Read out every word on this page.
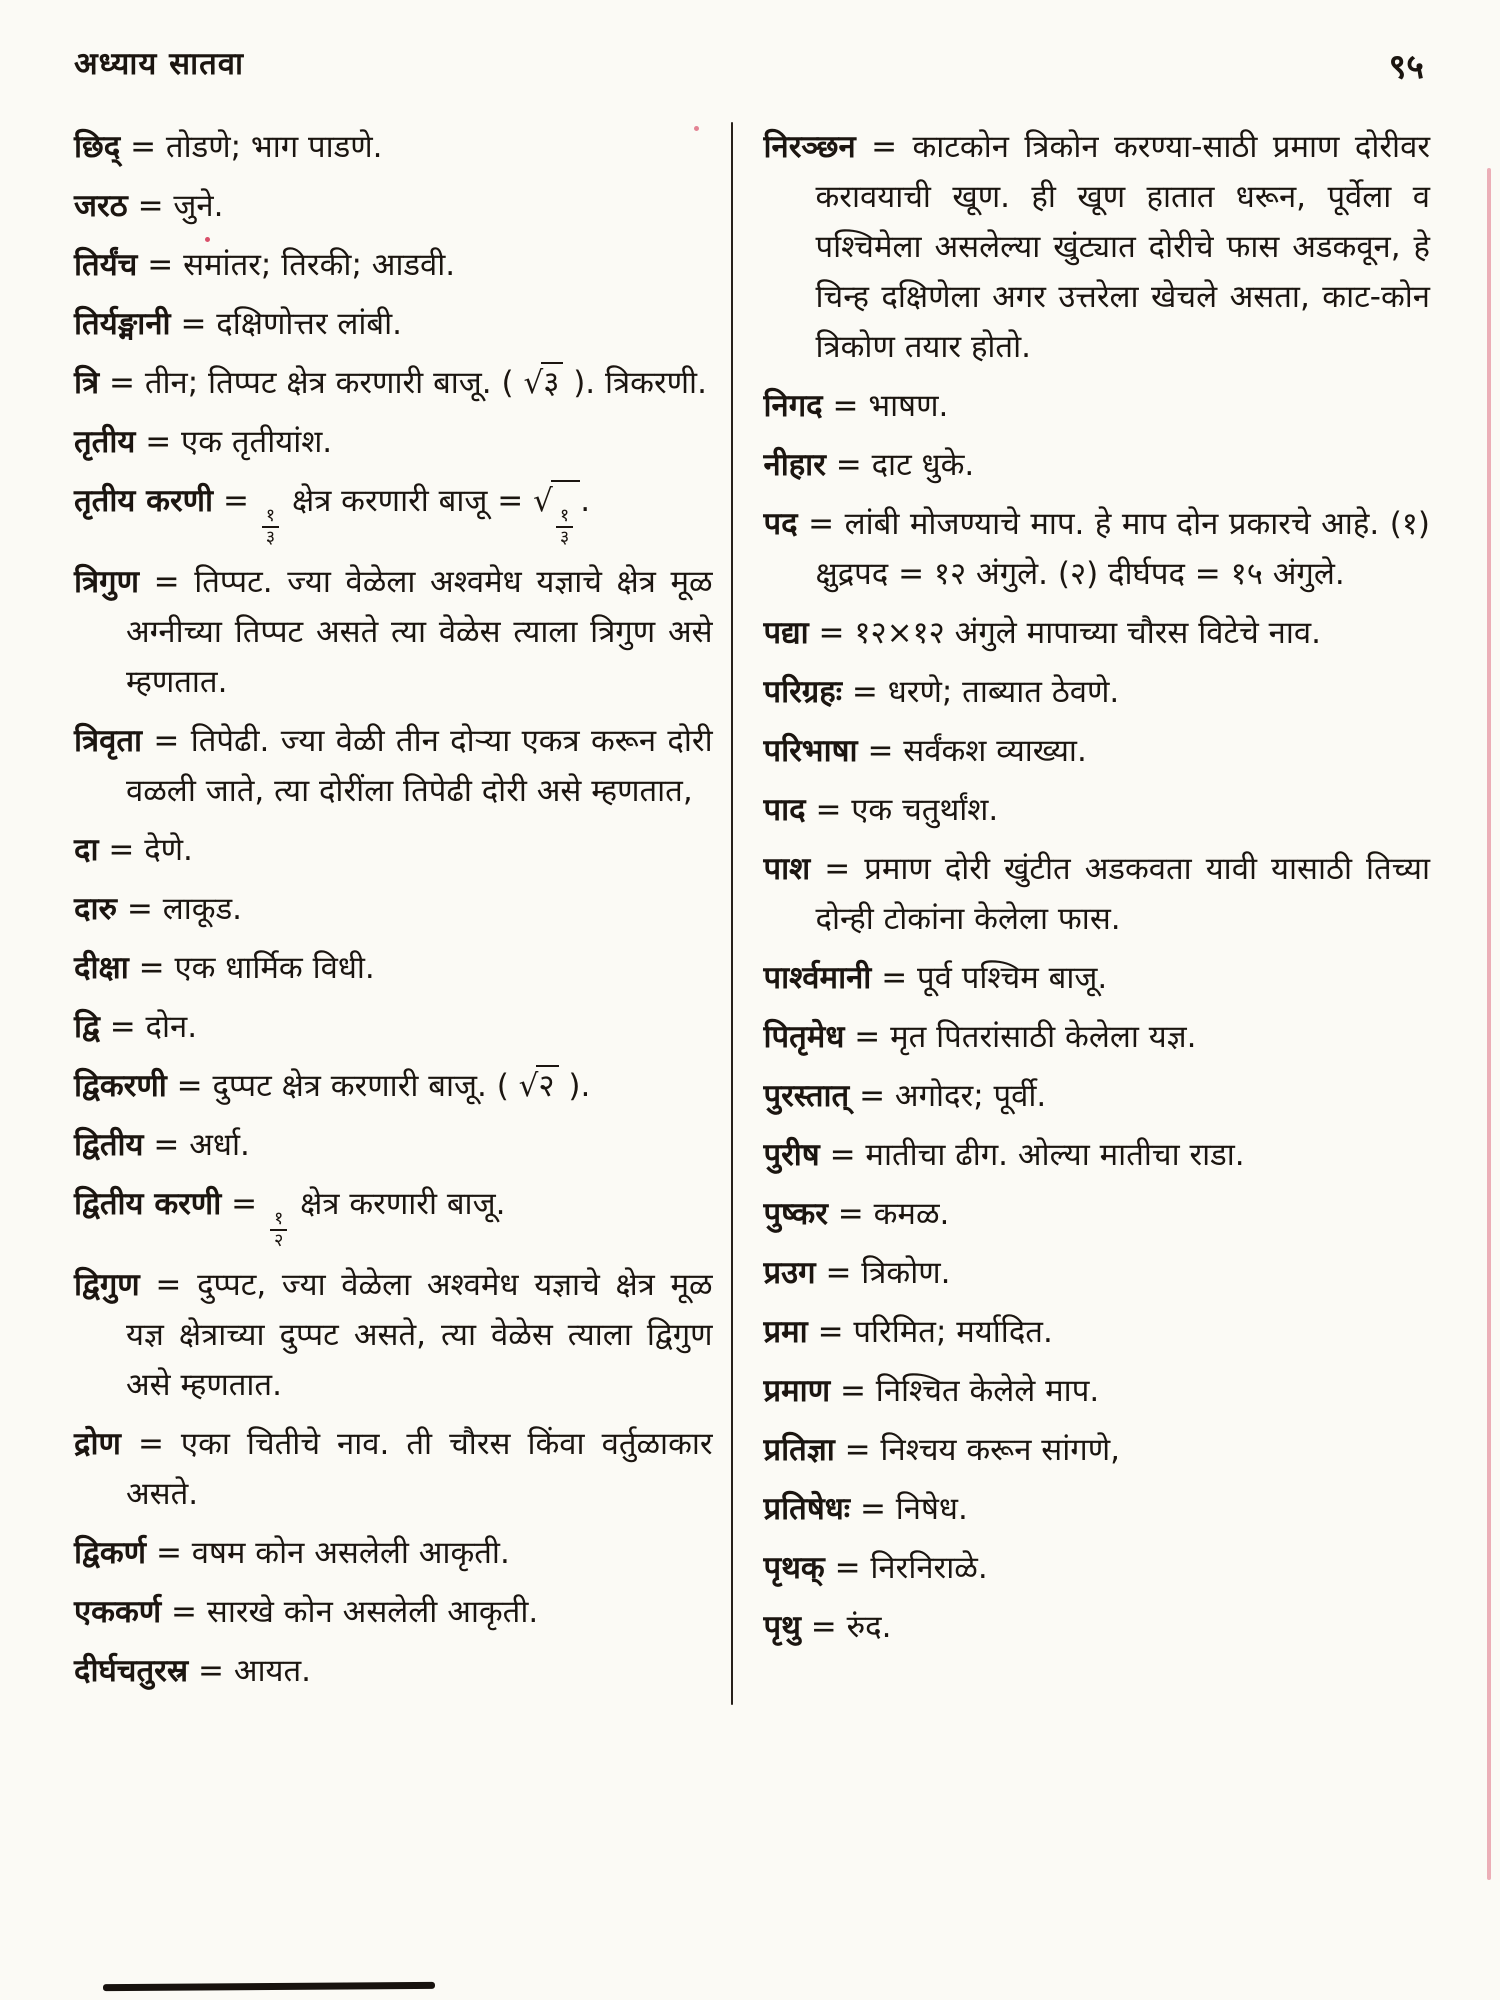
अध्याय सातवा	९५

छिद् = तोडणे; भाग पाडणे.

जरठ = जुने.

तिर्यंच = समांतर; तिरकी; आडवी.

तिर्यङ्मानी = दक्षिणोत्तर लांबी.

त्रि = तीन; तिप्पट क्षेत्र करणारी बाजू. ( √३ ). त्रिकरणी.

तृतीय = एक तृतीयांश.

तृतीय करणी =
$\frac{१}{३}$
क्षेत्र करणारी बाजू = √
$\frac{१}{३}$
.

त्रिगुण = तिप्पट. ज्या वेळेला अश्वमेध यज्ञाचे क्षेत्र मूळ अग्नीच्या तिप्पट असते त्या वेळेस त्याला त्रिगुण असे म्हणतात.

त्रिवृता = तिपेढी. ज्या वेळी तीन दोऱ्या एकत्र करून दोरी वळली जाते, त्या दोरींला तिपेढी दोरी असे म्हणतात,

दा = देणे.

दारु = लाकूड.

दीक्षा = एक धार्मिक विधी.

द्वि = दोन.

द्विकरणी = दुप्पट क्षेत्र करणारी बाजू. ( √२ ).

द्वितीय = अर्धा.

द्वितीय करणी =
$\frac{१}{२}$
क्षेत्र करणारी बाजू.

द्विगुण = दुप्पट, ज्या वेळेला अश्वमेध यज्ञाचे क्षेत्र मूळ यज्ञ क्षेत्राच्या दुप्पट असते, त्या वेळेस त्याला द्विगुण असे म्हणतात.

द्रोण = एका चितीचे नाव. ती चौरस किंवा वर्तुळाकार असते.

द्विकर्ण = वषम कोन असलेली आकृती.

एककर्ण = सारखे कोन असलेली आकृती.

दीर्घचतुरस्र = आयत.

निरञ्छन = काटकोन त्रिकोन करण्या-साठी प्रमाण दोरीवर करावयाची खूण. ही खूण हातात धरून, पूर्वेला व पश्चिमेला असलेल्या खुंट्यात दोरीचे फास अडकवून, हे चिन्ह दक्षिणेला अगर उत्तरेला खेचले असता, काट-कोन त्रिकोण तयार होतो.

निगद = भाषण.

नीहार = दाट धुके.

पद = लांबी मोजण्याचे माप. हे माप दोन प्रकारचे आहे. (१) क्षुद्रपद = १२ अंगुले. (२) दीर्घपद = १५ अंगुले.

पद्या = १२×१२ अंगुले मापाच्या चौरस विटेचे नाव.

परिग्रहः = धरणे; ताब्यात ठेवणे.

परिभाषा = सर्वंकश व्याख्या.

पाद = एक चतुर्थांश.

पाश = प्रमाण दोरी खुंटीत अडकवता यावी यासाठी तिच्या दोन्ही टोकांना केलेला फास.

पार्श्वमानी = पूर्व पश्चिम बाजू.

पितृमेध = मृत पितरांसाठी केलेला यज्ञ.

पुरस्तात् = अगोदर; पूर्वी.

पुरीष = मातीचा ढीग. ओल्या मातीचा राडा.

पुष्कर = कमळ.

प्रउग = त्रिकोण.

प्रमा = परिमित; मर्यादित.

प्रमाण = निश्चित केलेले माप.

प्रतिज्ञा = निश्चय करून सांगणे,

प्रतिषेधः = निषेध.

पृथक् = निरनिराळे.

पृथु = रुंद.
